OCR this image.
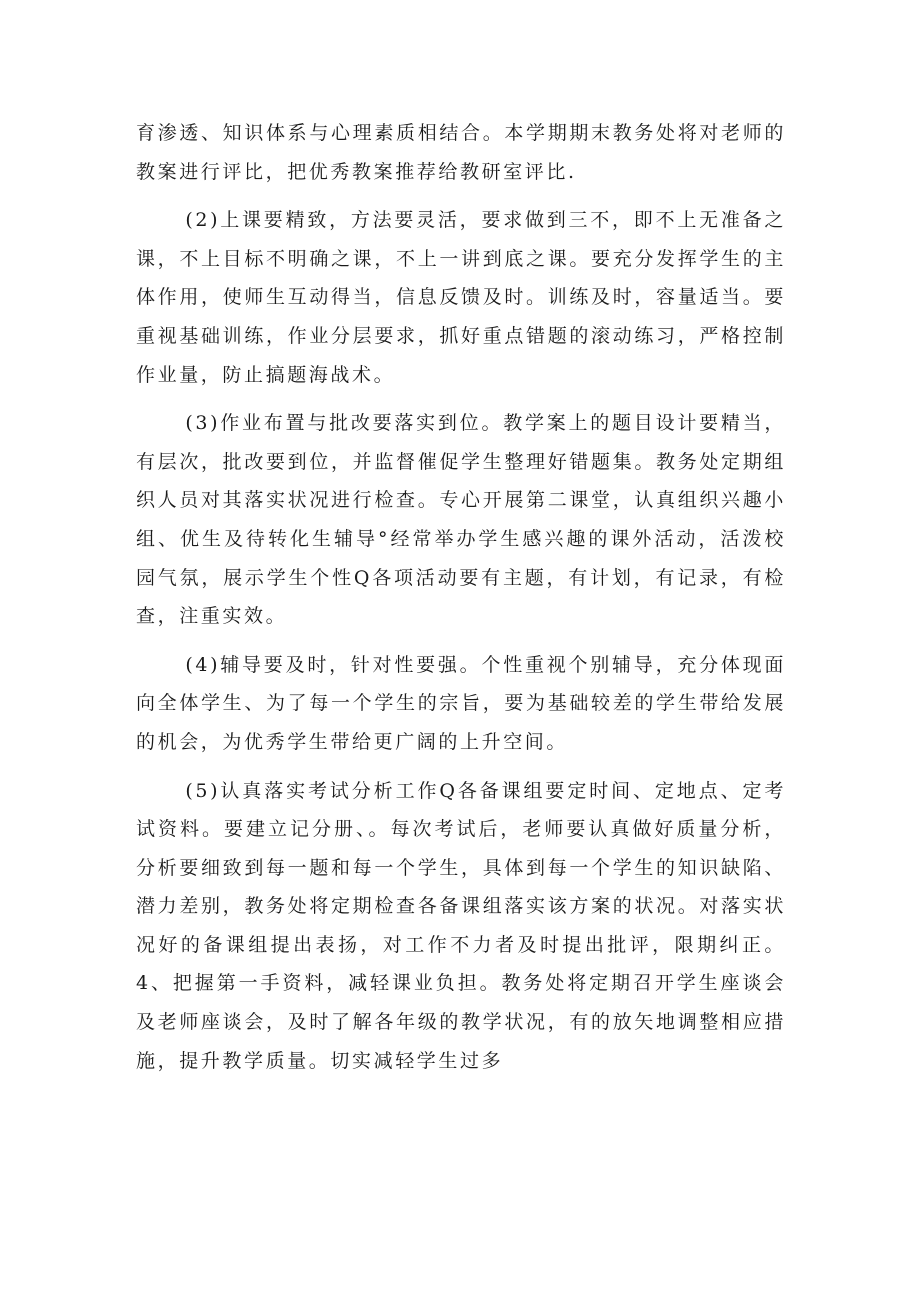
育渗透、知识体系与心理素质相结合。本学期期末教务处将对老师的教案进行评比，把优秀教案推荐给教研室评比.

(2)上课要精致，方法要灵活，要求做到三不，即不上无准备之课，不上目标不明确之课，不上一讲到底之课。要充分发挥学生的主体作用，使师生互动得当，信息反馈及时。训练及时，容量适当。要重视基础训练，作业分层要求，抓好重点错题的滚动练习，严格控制作业量，防止搞题海战术。

(3)作业布置与批改要落实到位。教学案上的题目设计要精当，有层次，批改要到位，并监督催促学生整理好错题集。教务处定期组织人员对其落实状况进行检查。专心开展第二课堂，认真组织兴趣小组、优生及待转化生辅导°经常举办学生感兴趣的课外活动，活泼校园气氛，展示学生个性Q各项活动要有主题，有计划，有记录，有检查，注重实效。

(4)辅导要及时，针对性要强。个性重视个别辅导，充分体现面向全体学生、为了每一个学生的宗旨，要为基础较差的学生带给发展的机会，为优秀学生带给更广阔的上升空间。

(5)认真落实考试分析工作Q各备课组要定时间、定地点、定考试资料。要建立记分册、。每次考试后，老师要认真做好质量分析，分析要细致到每一题和每一个学生，具体到每一个学生的知识缺陷、潜力差别，教务处将定期检查各备课组落实该方案的状况。对落实状况好的备课组提出表扬，对工作不力者及时提出批评，限期纠正。4、把握第一手资料，减轻课业负担。教务处将定期召开学生座谈会及老师座谈会，及时了解各年级的教学状况，有的放矢地调整相应措施，提升教学质量。切实减轻学生过多
